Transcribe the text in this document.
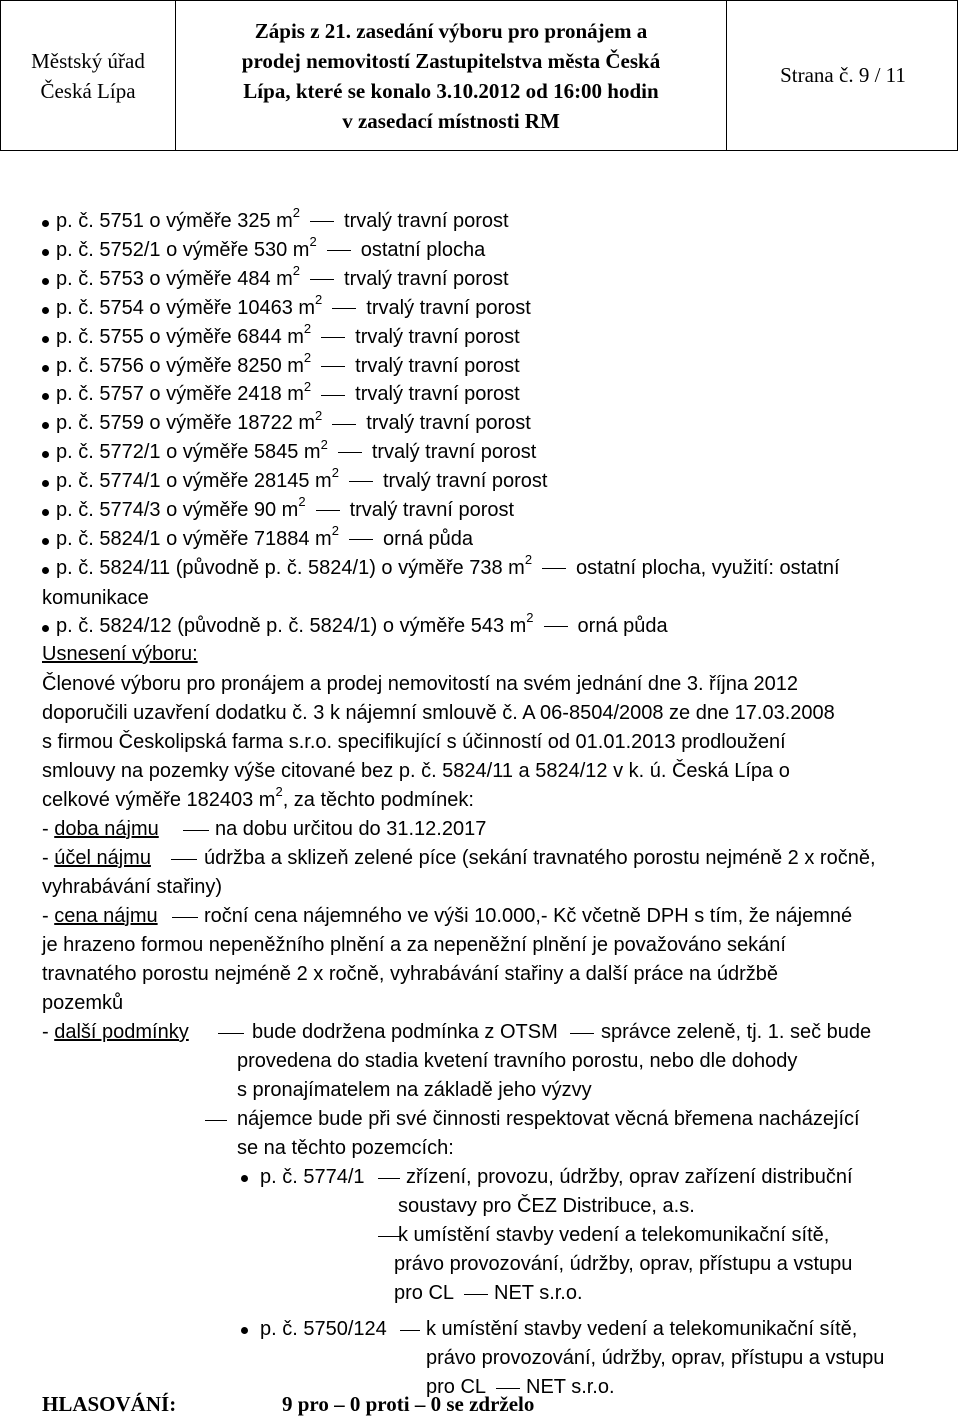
Městský úřad
Česká Lípa
Zápis z 21. zasedání výboru pro pronájem a
prodej nemovitostí Zastupitelstva města Česká
Lípa, které se konalo 3.10.2012 od 16:00 hodin
v zasedací místnosti RM
Strana č. 9 / 11
p. č. 5751 o výměře 325 $m^2$ trvalý travní porost
p. č. 5752/1 o výměře 530 $m^2$ ostatní plocha
p. č. 5753 o výměře 484 $m^2$ trvalý travní porost
p. č. 5754 o výměře 10463 $m^2$ trvalý travní porost
p. č. 5755 o výměře 6844 $m^2$ trvalý travní porost
p. č. 5756 o výměře 8250 $m^2$ trvalý travní porost
p. č. 5757 o výměře 2418 $m^2$ trvalý travní porost
p. č. 5759 o výměře 18722 $m^2$ trvalý travní porost
p. č. 5772/1 o výměře 5845 $m^2$ trvalý travní porost
p. č. 5774/1 o výměře 28145 $m^2$ trvalý travní porost
p. č. 5774/3 o výměře 90 $m^2$ trvalý travní porost
p. č. 5824/1 o výměře 71884 $m^2$ orná půda
p. č. 5824/11 (původně p. č. 5824/1) o výměře 738 $m^2$ ostatní plocha, využití: ostatní
p. č. 5824/12 (původně p. č. 5824/1) o výměře 543 $m^2$ orná půda
komunikace
Usnesení výboru:
Členové výboru pro pronájem a prodej nemovitostí na svém jednání dne 3. října 2012
doporučili uzavření dodatku č. 3 k nájemní smlouvě č. A 06-8504/2008 ze dne 17.03.2008
s firmou Českolipská farma s.r.o. specifikující s účinností od 01.01.2013 prodloužení
smlouvy na pozemky výše citované bez p. č. 5824/11 a 5824/12 v k. ú. Česká Lípa o
celkové výměře 182403 $m^2$, za těchto podmínek:
- doba nájmu	na dobu určitou do 31.12.2017
- účel nájmu	údržba a sklizeň zelené píce (sekání travnatého porostu nejméně 2 x ročně,
vyhrabávání stařiny)
- cena nájmu roční cena nájemného ve výši 10.000,- Kč včetně DPH s tím, že nájemné
je hrazeno formou nepeněžního plnění a za nepeněžní plnění je považováno sekání
travnatého porostu nejméně 2 x ročně, vyhrabávání stařiny a další práce na údržbě
pozemků
- další podmínky	bude dodržena podmínka z OTSM správce zeleně, tj. 1. seč bude
provedena do stadia kvetení travního porostu, nebo dle dohody
s pronajímatelem na základě jeho výzvy
nájemce bude při své činnosti respektovat věcná břemena nacházející
se na těchto pozemcích:
p. č. 5774/1 zřízení, provozu, údržby, oprav zařízení distribuční
soustavy pro ČEZ Distribuce, a.s.
k umístění stavby vedení a telekomunikační sítě,
právo provozování, údržby, oprav, přístupu a vstupu
pro CL NET s.r.o.
p. č. 5750/124 k umístění stavby vedení a telekomunikační sítě,
právo provozování, údržby, oprav, přístupu a vstupu
pro CL NET s.r.o.
HLASOVÁNÍ:	9 pro – 0 proti – 0 se zdrželo
